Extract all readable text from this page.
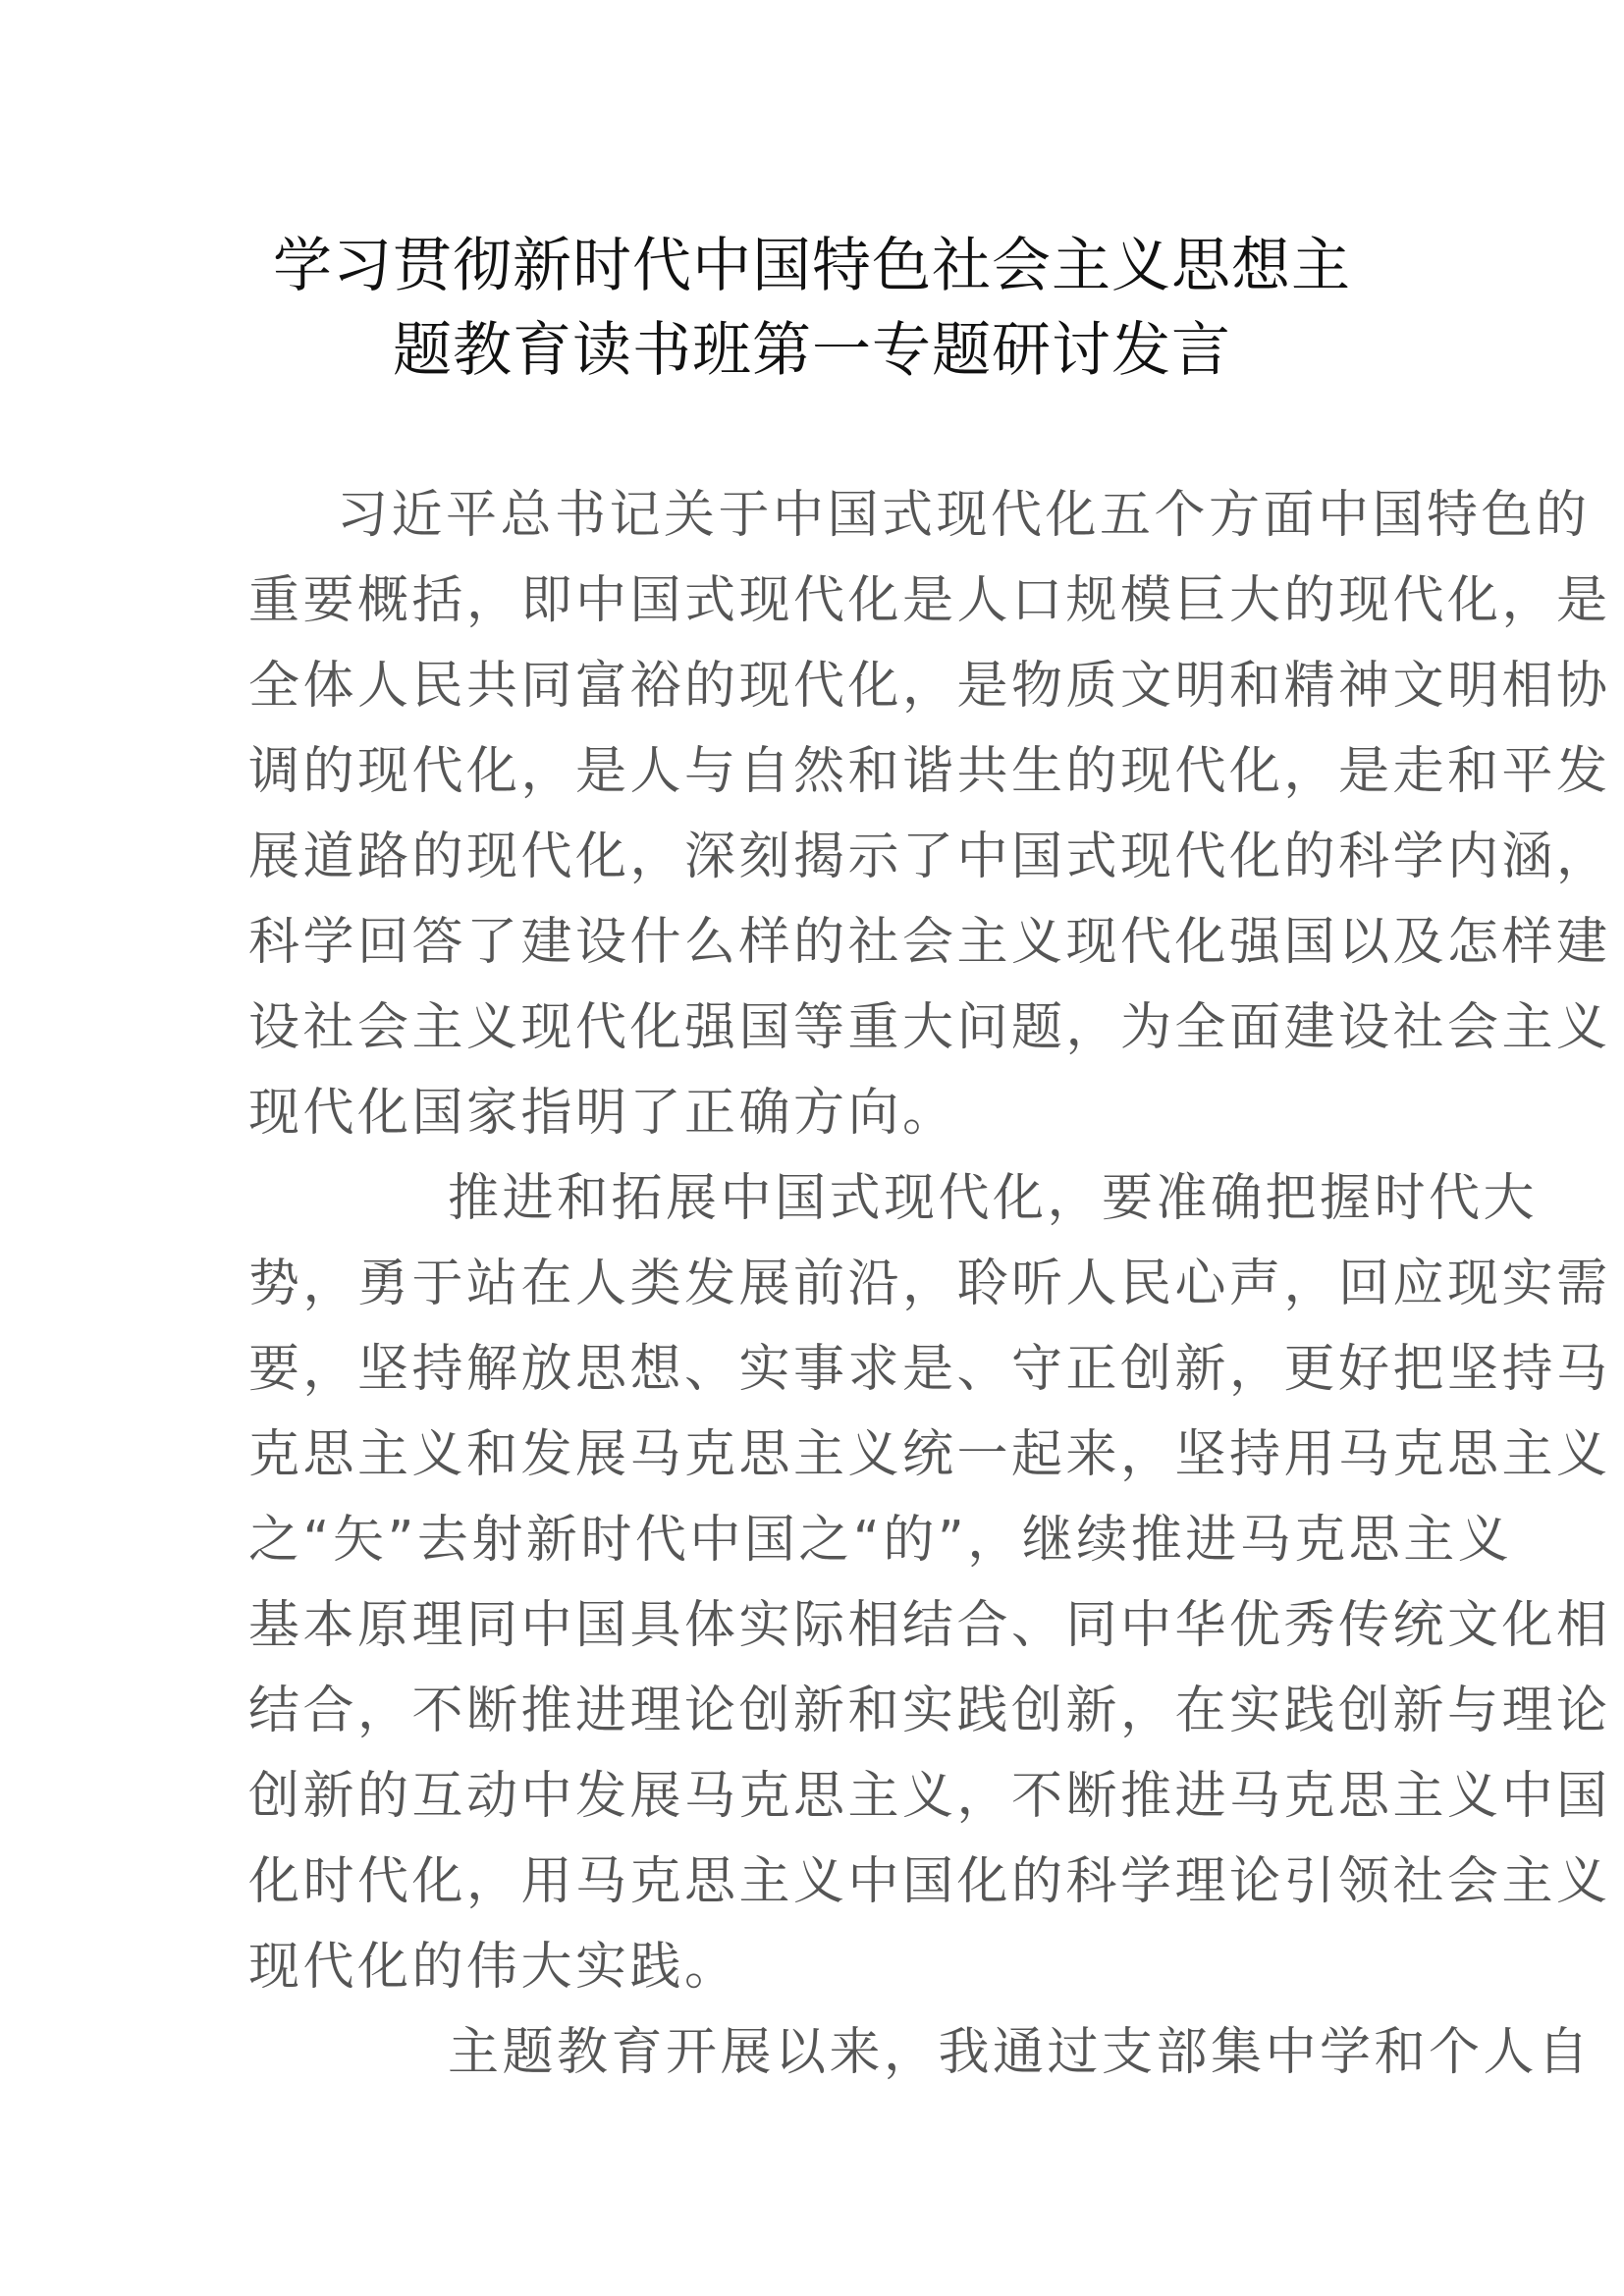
学习贯彻新时代中国特色社会主义思想主
题教育读书班第一专题研讨发言
习近平总书记关于中国式现代化五个方面中国特色的
重要概括，即中国式现代化是人口规模巨大的现代化，是
全体人民共同富裕的现代化，是物质文明和精神文明相协
调的现代化，是人与自然和谐共生的现代化，是走和平发
展道路的现代化，深刻揭示了中国式现代化的科学内涵，
科学回答了建设什么样的社会主义现代化强国以及怎样建
设社会主义现代化强国等重大问题，为全面建设社会主义
现代化国家指明了正确方向。
推进和拓展中国式现代化，要准确把握时代大
势，勇于站在人类发展前沿，聆听人民心声，回应现实需
要，坚持解放思想、实事求是、守正创新，更好把坚持马
克思主义和发展马克思主义统一起来，坚持用马克思主义
之“矢”去射新时代中国之“的”，继续推进马克思主义
基本原理同中国具体实际相结合、同中华优秀传统文化相
结合，不断推进理论创新和实践创新，在实践创新与理论
创新的互动中发展马克思主义，不断推进马克思主义中国
化时代化，用马克思主义中国化的科学理论引领社会主义
现代化的伟大实践。
主题教育开展以来，我通过支部集中学和个人自
